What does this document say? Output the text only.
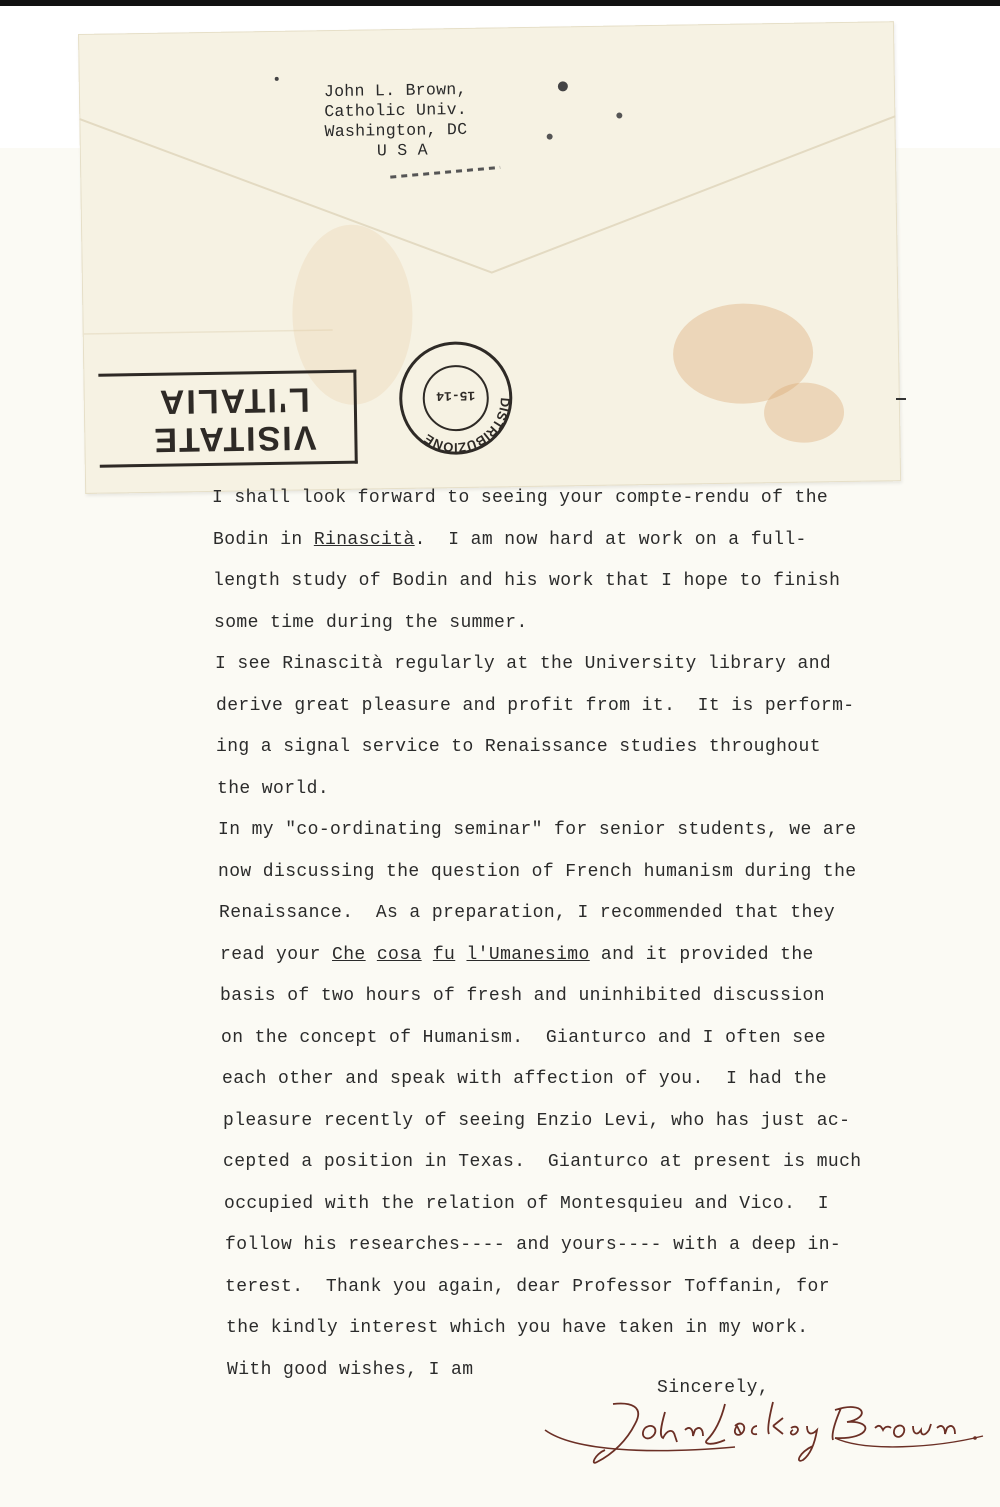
John L. Brown,
Catholic Univ.
Washington, DC
U S A
VISITATE
L'ITALIA	DISTRIBUZIONE
15-14
I shall look forward to seeing your compte-rendu of the
Bodin in Rinascità.  I am now hard at work on a full-
length study of Bodin and his work that I hope to finish
some time during the summer.
I see Rinascità regularly at the University library and
derive great pleasure and profit from it.  It is perform-
ing a signal service to Renaissance studies throughout
the world.
In my "co-ordinating seminar" for senior students, we are
now discussing the question of French humanism during the
Renaissance.  As a preparation, I recommended that they
read your Che cosa fu l'Umanesimo and it provided the
basis of two hours of fresh and uninhibited discussion
on the concept of Humanism.  Gianturco and I often see
each other and speak with affection of you.  I had the
pleasure recently of seeing Enzio Levi, who has just ac-
cepted a position in Texas.  Gianturco at present is much
occupied with the relation of Montesquieu and Vico.  I
follow his researches---- and yours---- with a deep in-
terest.  Thank you again, dear Professor Toffanin, for
the kindly interest which you have taken in my work.
With good wishes, I am
Sincerely,
